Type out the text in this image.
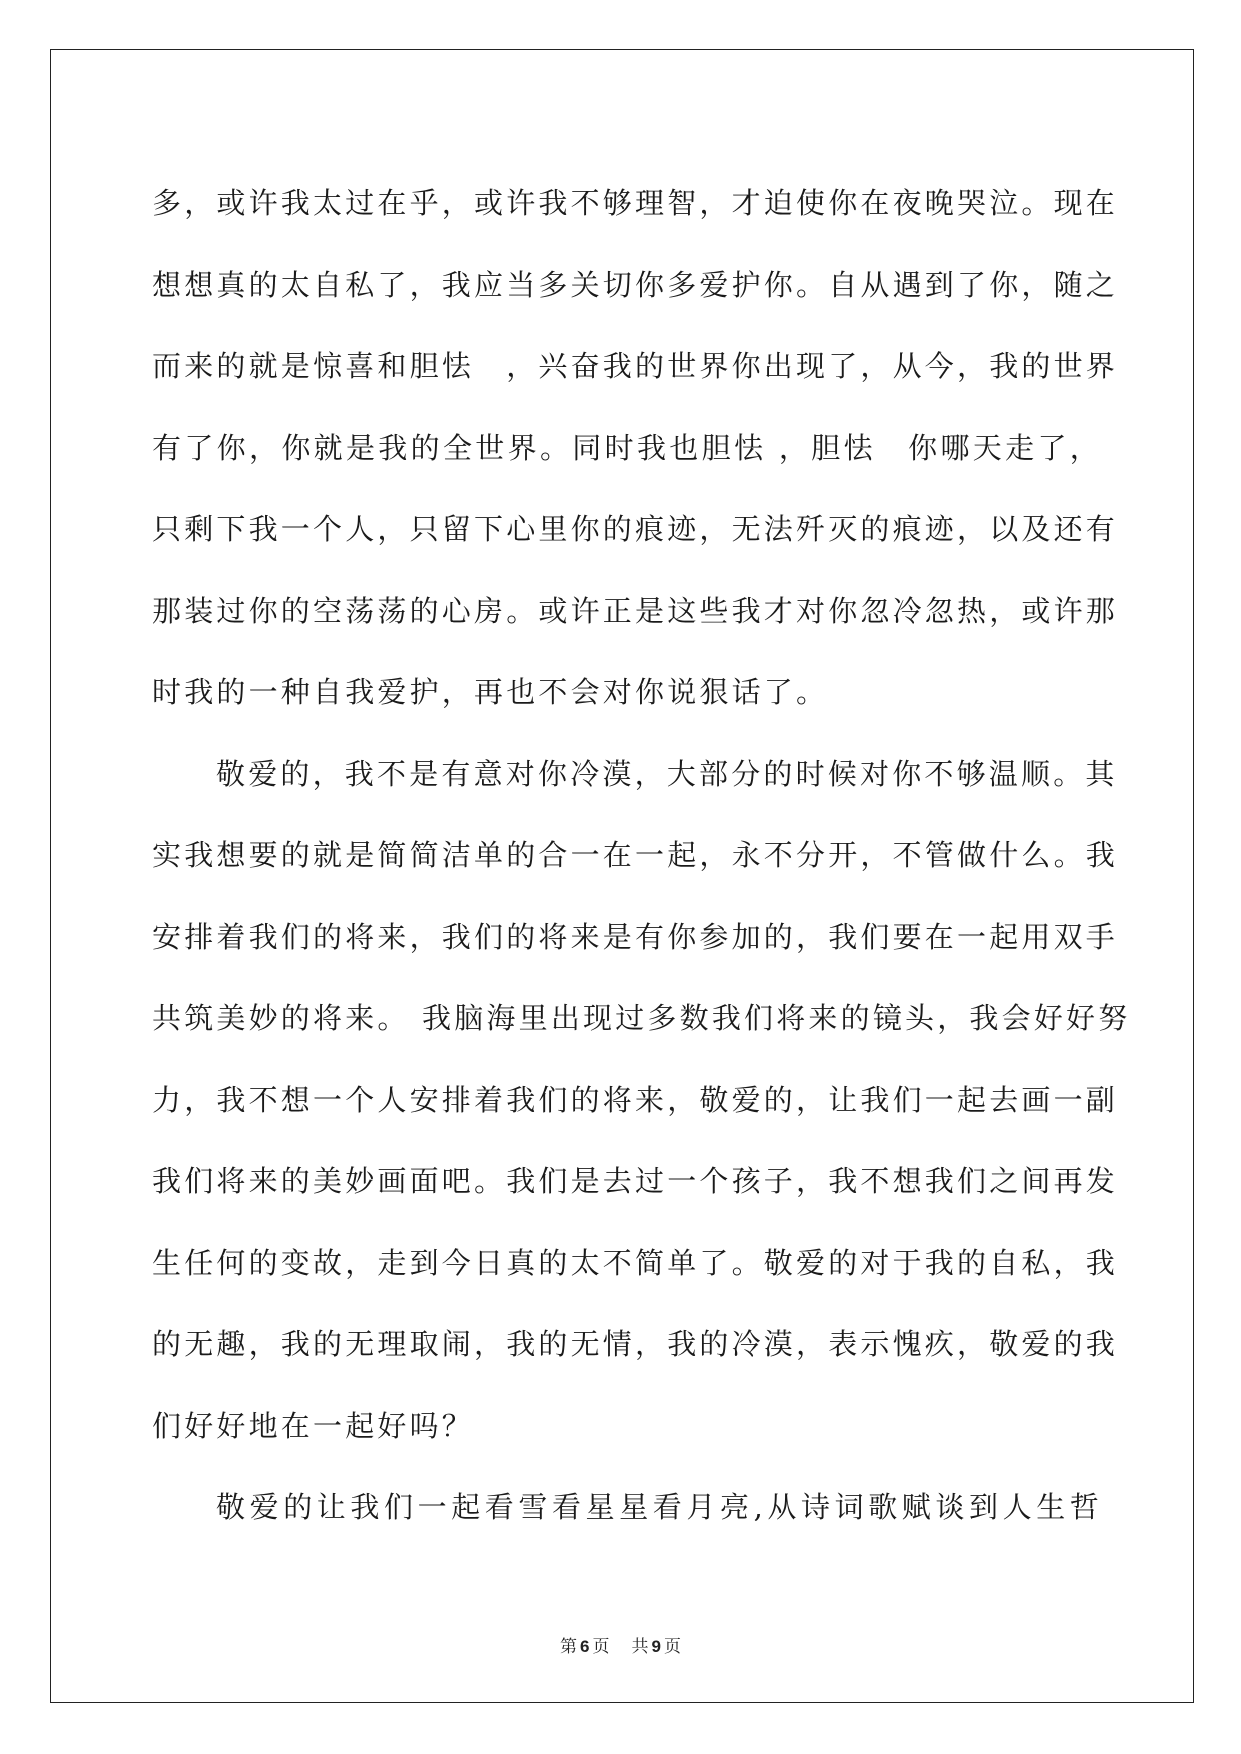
多，或许我太过在乎，或许我不够理智，才迫使你在夜晚哭泣。现在
想想真的太自私了，我应当多关切你多爱护你。自从遇到了你，随之
而来的就是惊喜和胆怯　，兴奋我的世界你出现了，从今，我的世界
有了你，你就是我的全世界。同时我也胆怯 ，胆怯　你哪天走了，
只剩下我一个人，只留下心里你的痕迹，无法歼灭的痕迹，以及还有
那装过你的空荡荡的心房。或许正是这些我才对你忽冷忽热，或许那
时我的一种自我爱护，再也不会对你说狠话了。
敬爱的，我不是有意对你冷漠，大部分的时候对你不够温顺。其
实我想要的就是简简洁单的合一在一起，永不分开，不管做什么。我
安排着我们的将来，我们的将来是有你参加的，我们要在一起用双手
共筑美妙的将来。 我脑海里出现过多数我们将来的镜头，我会好好努
力，我不想一个人安排着我们的将来，敬爱的，让我们一起去画一副
我们将来的美妙画面吧。我们是去过一个孩子，我不想我们之间再发
生任何的变故，走到今日真的太不简单了。敬爱的对于我的自私，我
的无趣，我的无理取闹，我的无情，我的冷漠，表示愧疚，敬爱的我
们好好地在一起好吗？
敬爱的让我们一起看雪看星星看月亮,从诗词歌赋谈到人生哲
第 6 页 共 9 页
